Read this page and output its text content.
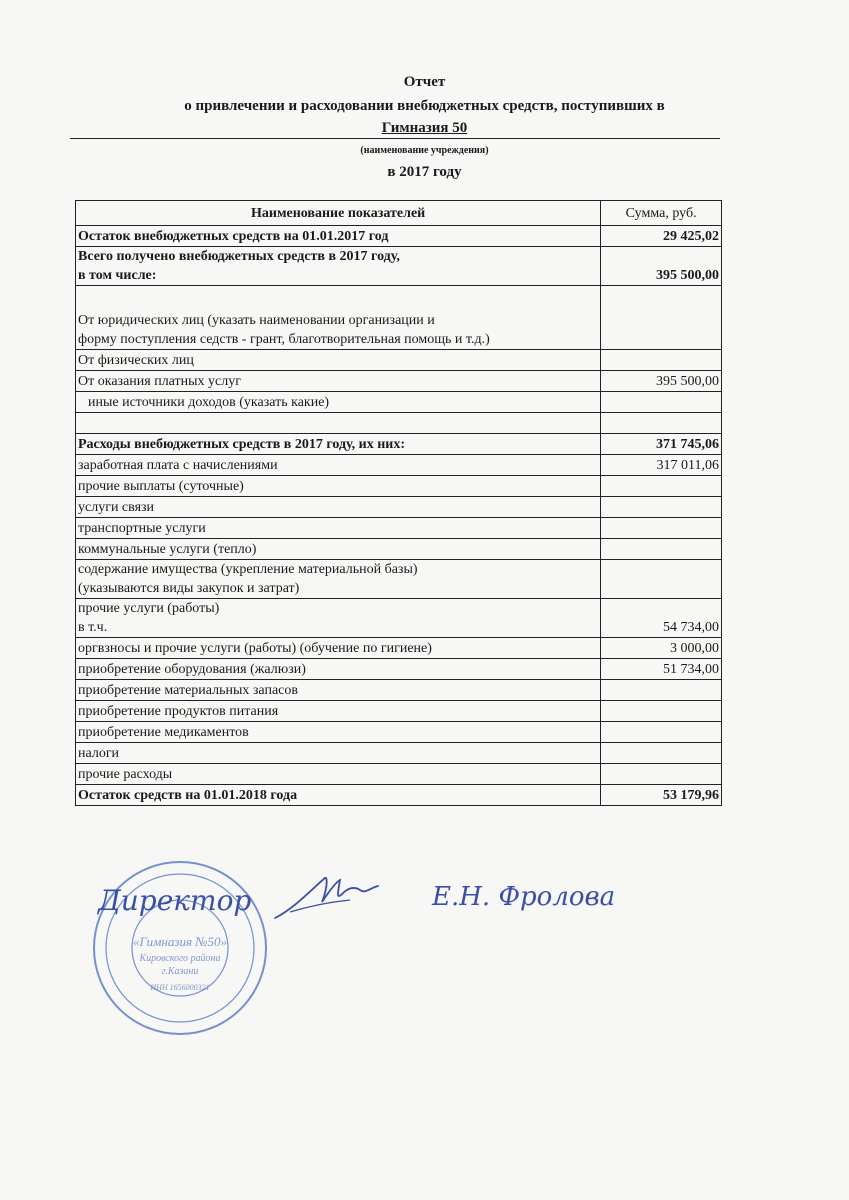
Отчет
о привлечении и расходовании внебюджетных средств, поступивших в
Гимназия 50
(наименование учреждения)
в 2017 году
Наименование показателей	Сумма, руб.
Остаток внебюджетных средств на 01.01.2017 год	29 425,02
Всего получено внебюджетных средств в 2017 году,
в том числе:	395 500,00
От юридических лиц (указать наименовании организации и
форму поступления седств - грант, благотворительная помощь и т.д.)	
От физических лиц	
От оказания платных услуг	395 500,00
иные источники доходов (указать какие)	

Расходы внебюджетных средств в 2017 году, их них:	371 745,06
заработная плата с начислениями	317 011,06
прочие выплаты (суточные)	
услуги связи	
транспортные услуги	
коммунальные услуги (тепло)	
содержание имущества (укрепление материальной базы)
(указываются виды закупок и затрат)	
прочие услуги (работы)
в т.ч.	54 734,00
оргвзносы и прочие услуги (работы) (обучение по гигиене)	3 000,00
приобретение оборудования (жалюзи)	51 734,00
приобретение материальных запасов	
приобретение продуктов питания	
приобретение медикаментов	
налоги	
прочие расходы	
Остаток средств на 01.01.2018 года	53 179,96
«Гимназия №50»
Кировского района
г.Казани
ИНН 1656000321
Директор	Е.Н. Фролова
